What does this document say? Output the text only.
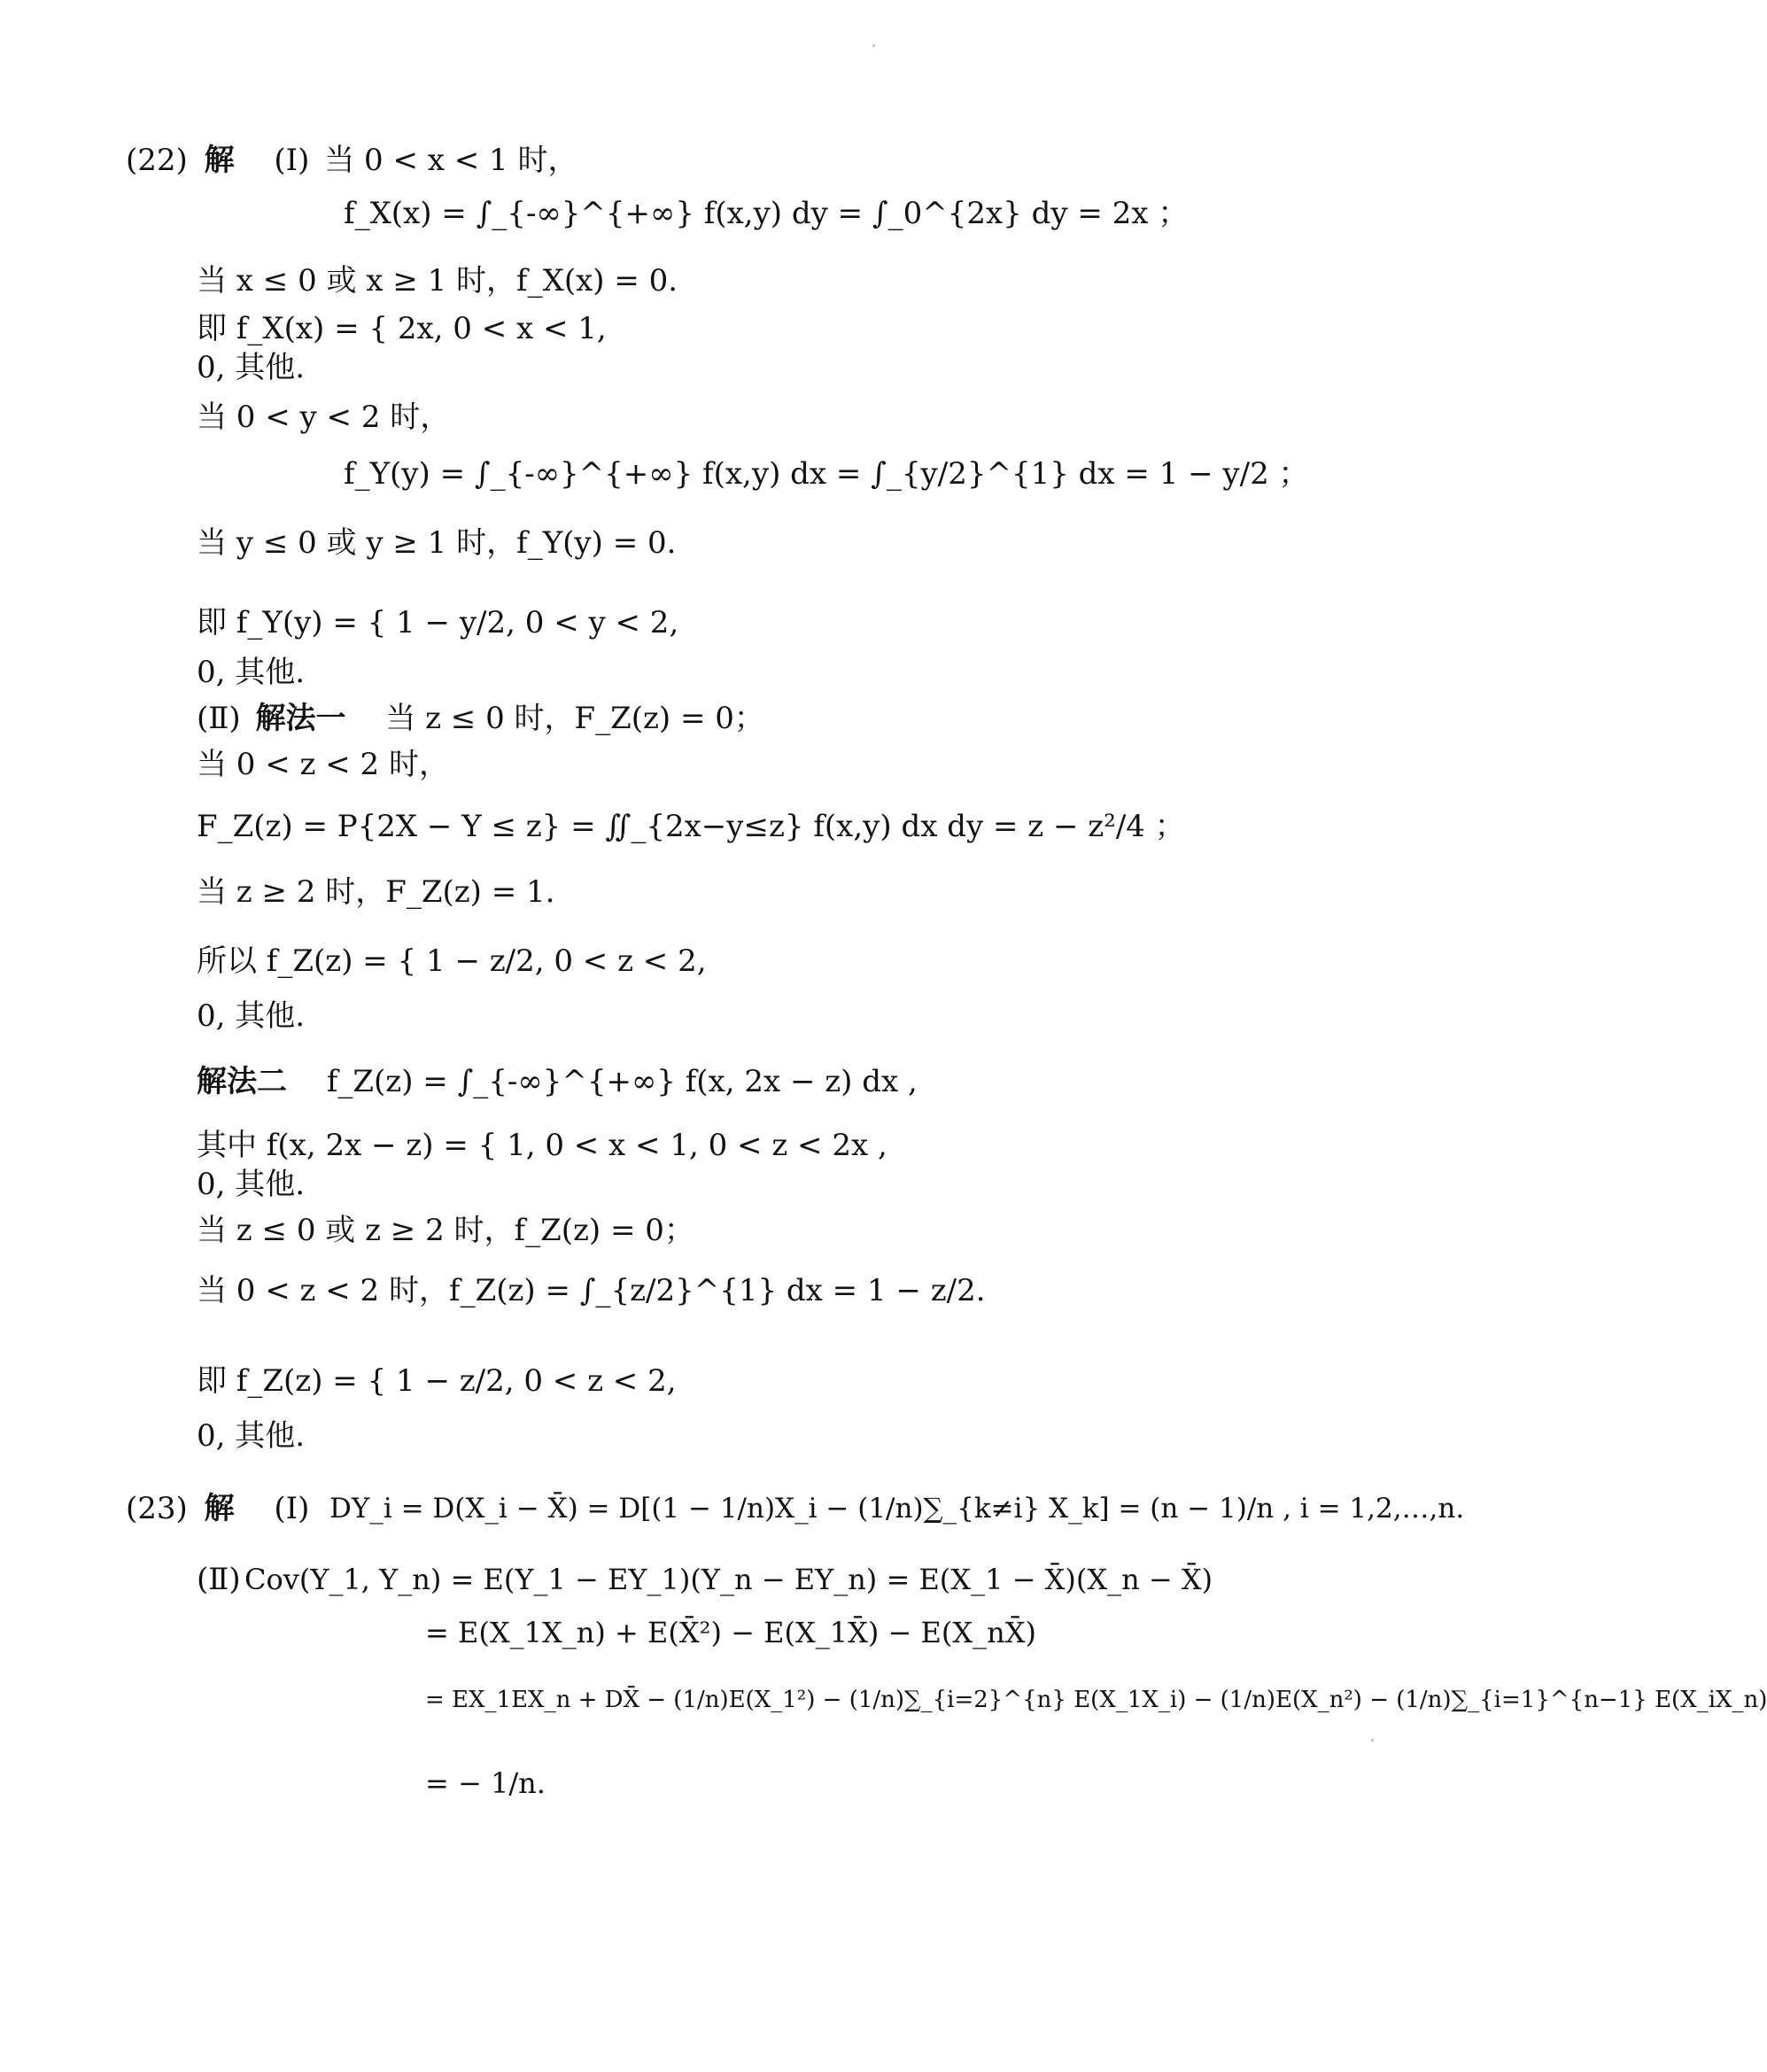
(22) 解 (Ⅰ) 当 0 < x < 1 时，
f_X(x) = ∫_{-∞}^{+∞} f(x,y) dy = ∫_0^{2x} dy = 2x ；
当 x ≤ 0 或 x ≥ 1 时，f_X(x) = 0.
即 f_X(x) = { 2x, 0 < x < 1,
0, 其他.
当 0 < y < 2 时，
f_Y(y) = ∫_{-∞}^{+∞} f(x,y) dx = ∫_{y/2}^{1} dx = 1 − y/2 ；
当 y ≤ 0 或 y ≥ 1 时，f_Y(y) = 0.
即 f_Y(y) = { 1 − y/2, 0 < y < 2,
0, 其他.
(Ⅱ) 解法一 当 z ≤ 0 时，F_Z(z) = 0；
当 0 < z < 2 时，
F_Z(z) = P{2X − Y ≤ z} = ∬_{2x−y≤z} f(x,y) dx dy = z − z²/4 ；
当 z ≥ 2 时，F_Z(z) = 1.
所以 f_Z(z) = { 1 − z/2, 0 < z < 2,
0, 其他.
解法二 f_Z(z) = ∫_{-∞}^{+∞} f(x, 2x − z) dx ,
其中 f(x, 2x − z) = { 1, 0 < x < 1, 0 < z < 2x ,
0, 其他.
当 z ≤ 0 或 z ≥ 2 时，f_Z(z) = 0；
当 0 < z < 2 时，f_Z(z) = ∫_{z/2}^{1} dx = 1 − z/2.
即 f_Z(z) = { 1 − z/2, 0 < z < 2,
0, 其他.
(23) 解 (Ⅰ) DY_i = D(X_i − X̄) = D[(1 − 1/n)X_i − (1/n)∑_{k≠i} X_k] = (n − 1)/n , i = 1,2,…,n.
(Ⅱ) Cov(Y_1, Y_n) = E(Y_1 − EY_1)(Y_n − EY_n) = E(X_1 − X̄)(X_n − X̄)
= E(X_1X_n) + E(X̄²) − E(X_1X̄) − E(X_nX̄)
= EX_1EX_n + DX̄ − (1/n)E(X_1²) − (1/n)∑_{i=2}^{n} E(X_1X_i) − (1/n)E(X_n²) − (1/n)∑_{i=1}^{n−1} E(X_iX_n)
= − 1/n.
